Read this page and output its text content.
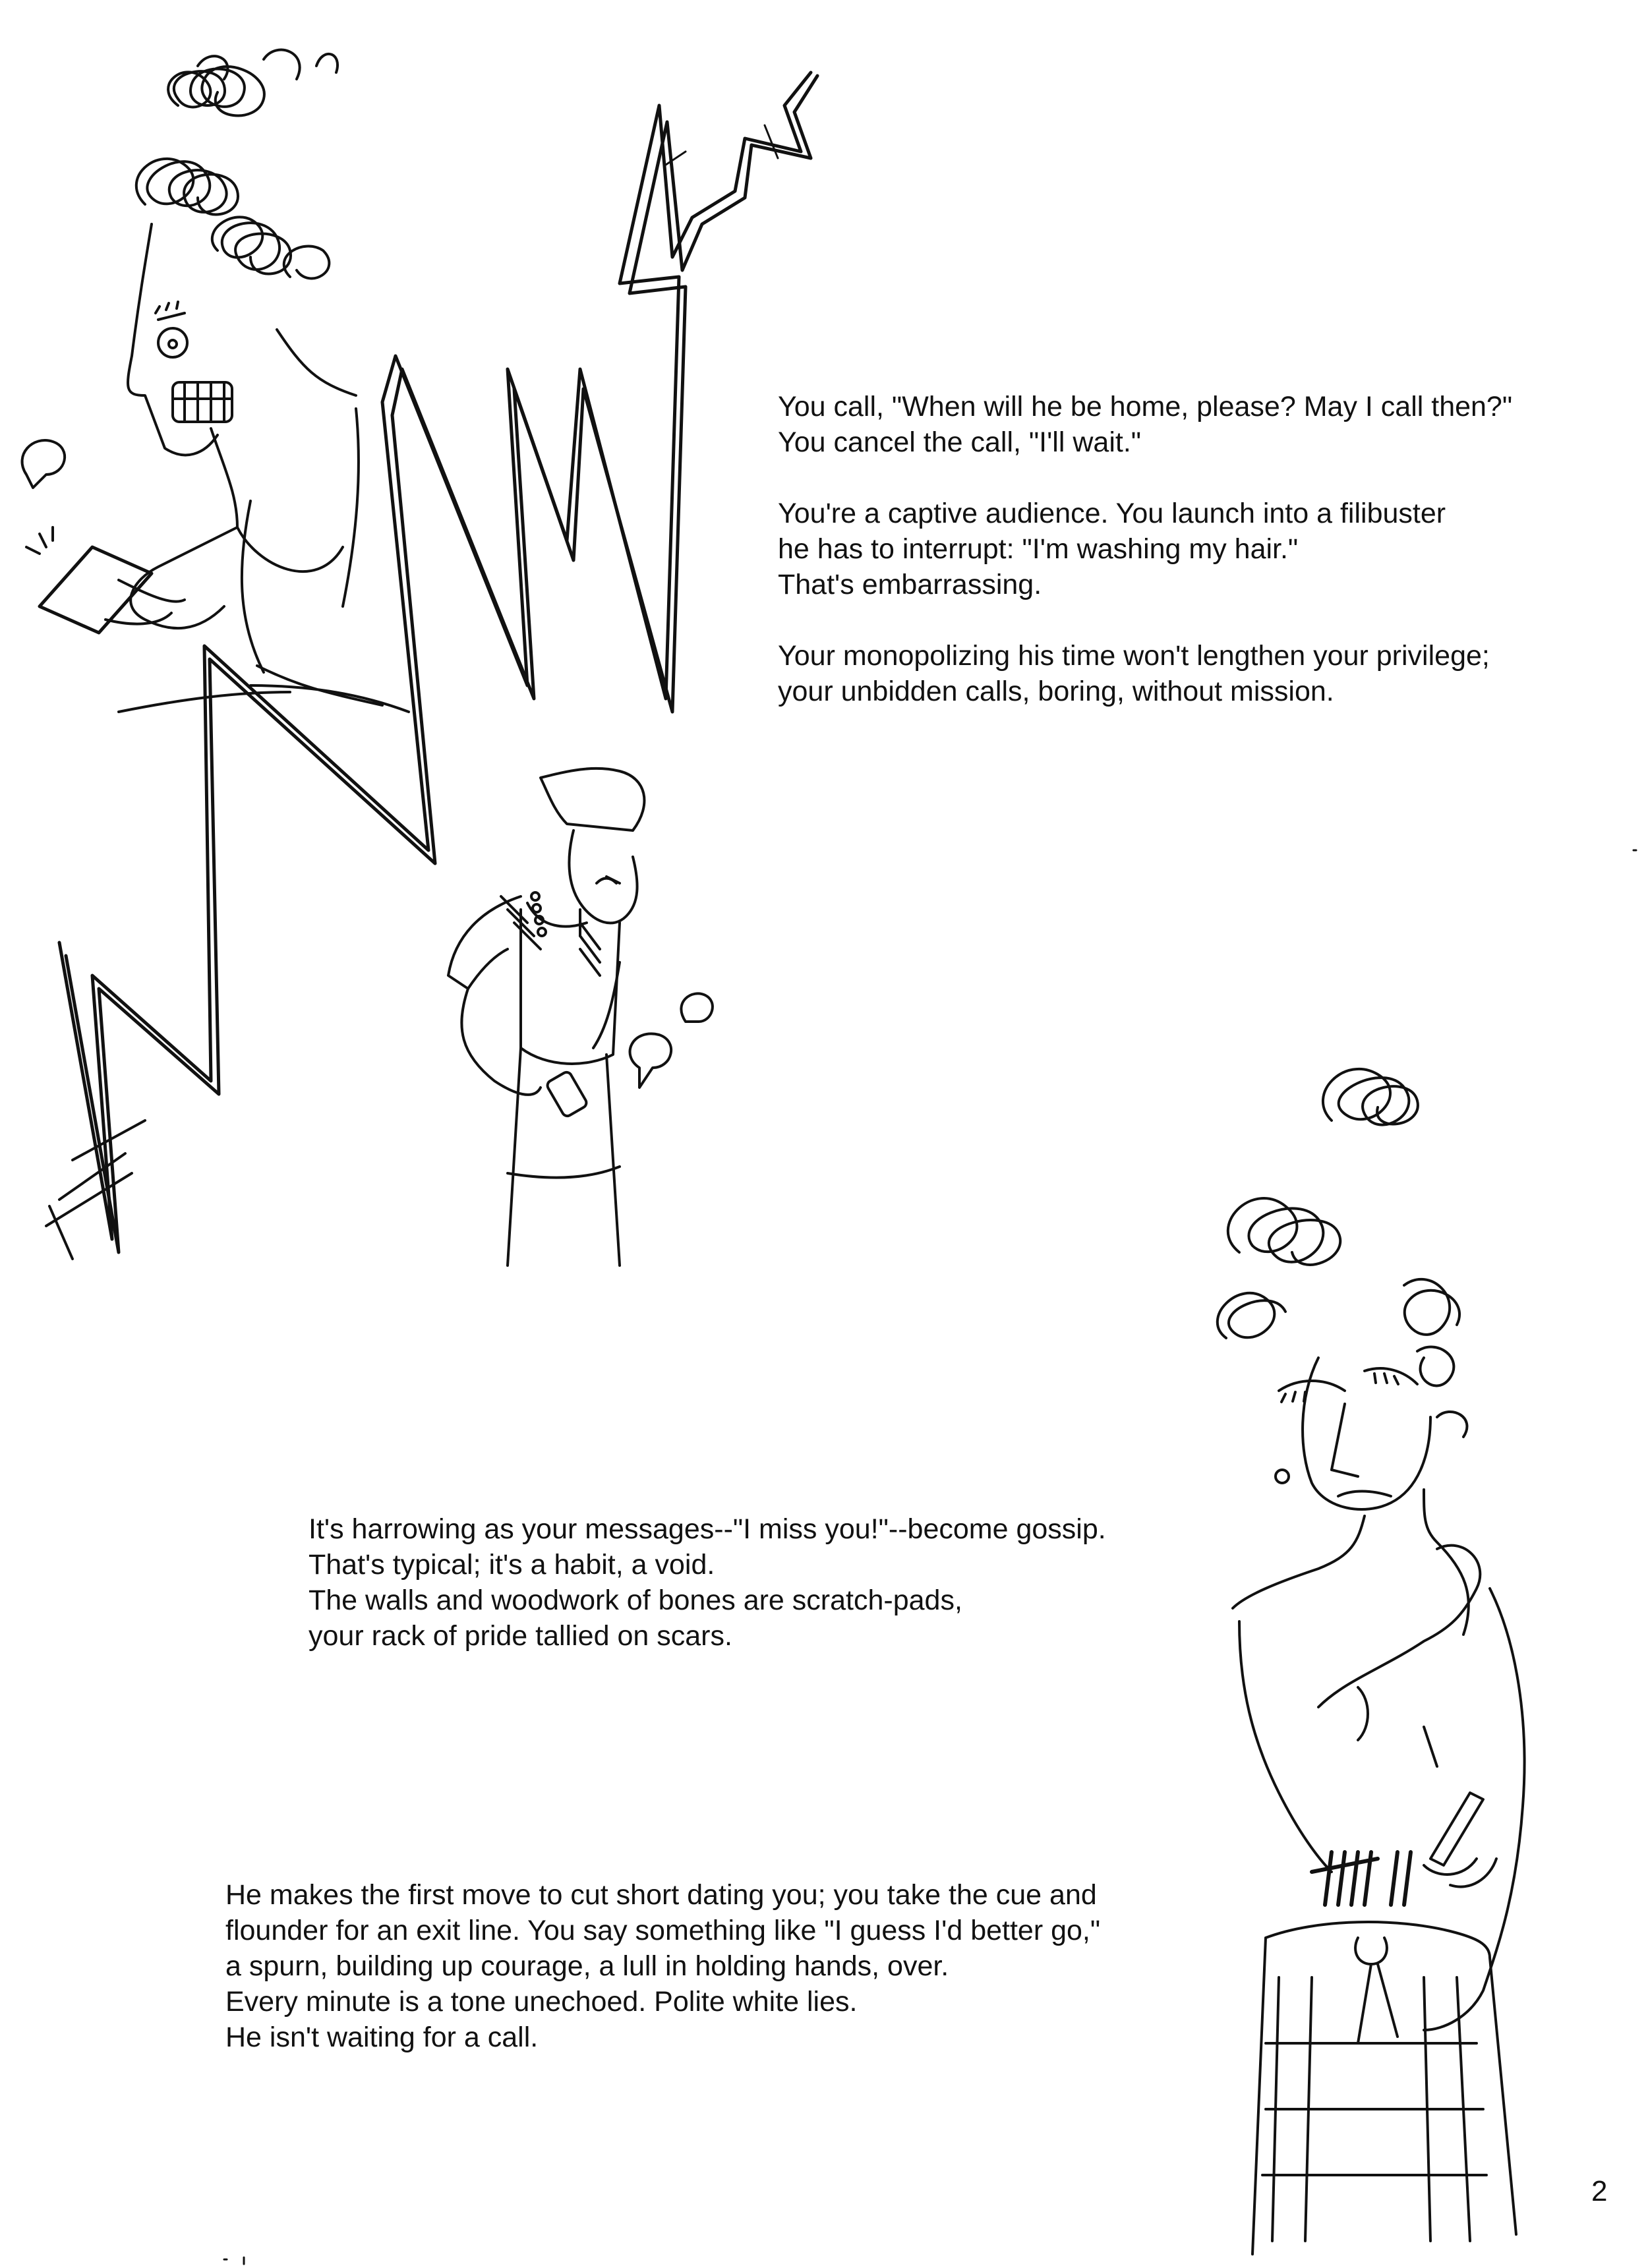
You call, "When will he be home, please? May I call then?"

You cancel the call, "I'll wait."

You're a captive audience. You launch into a filibuster

he has to interrupt: "I'm washing my hair."

That's embarrassing.

Your monopolizing his time won't lengthen your privilege;

your unbidden calls, boring, without mission.

It's harrowing as your messages--"I miss you!"--become gossip.

That's typical; it's a habit, a void.

The walls and woodwork of bones are scratch-pads,

your rack of pride tallied on scars.

He makes the first move to cut short dating you; you take the cue and

flounder for an exit line. You say something like "I guess I'd better go,"

a spurn, building up courage, a lull in holding hands, over.

Every minute is a tone unechoed. Polite white lies.

He isn't waiting for a call.

2
